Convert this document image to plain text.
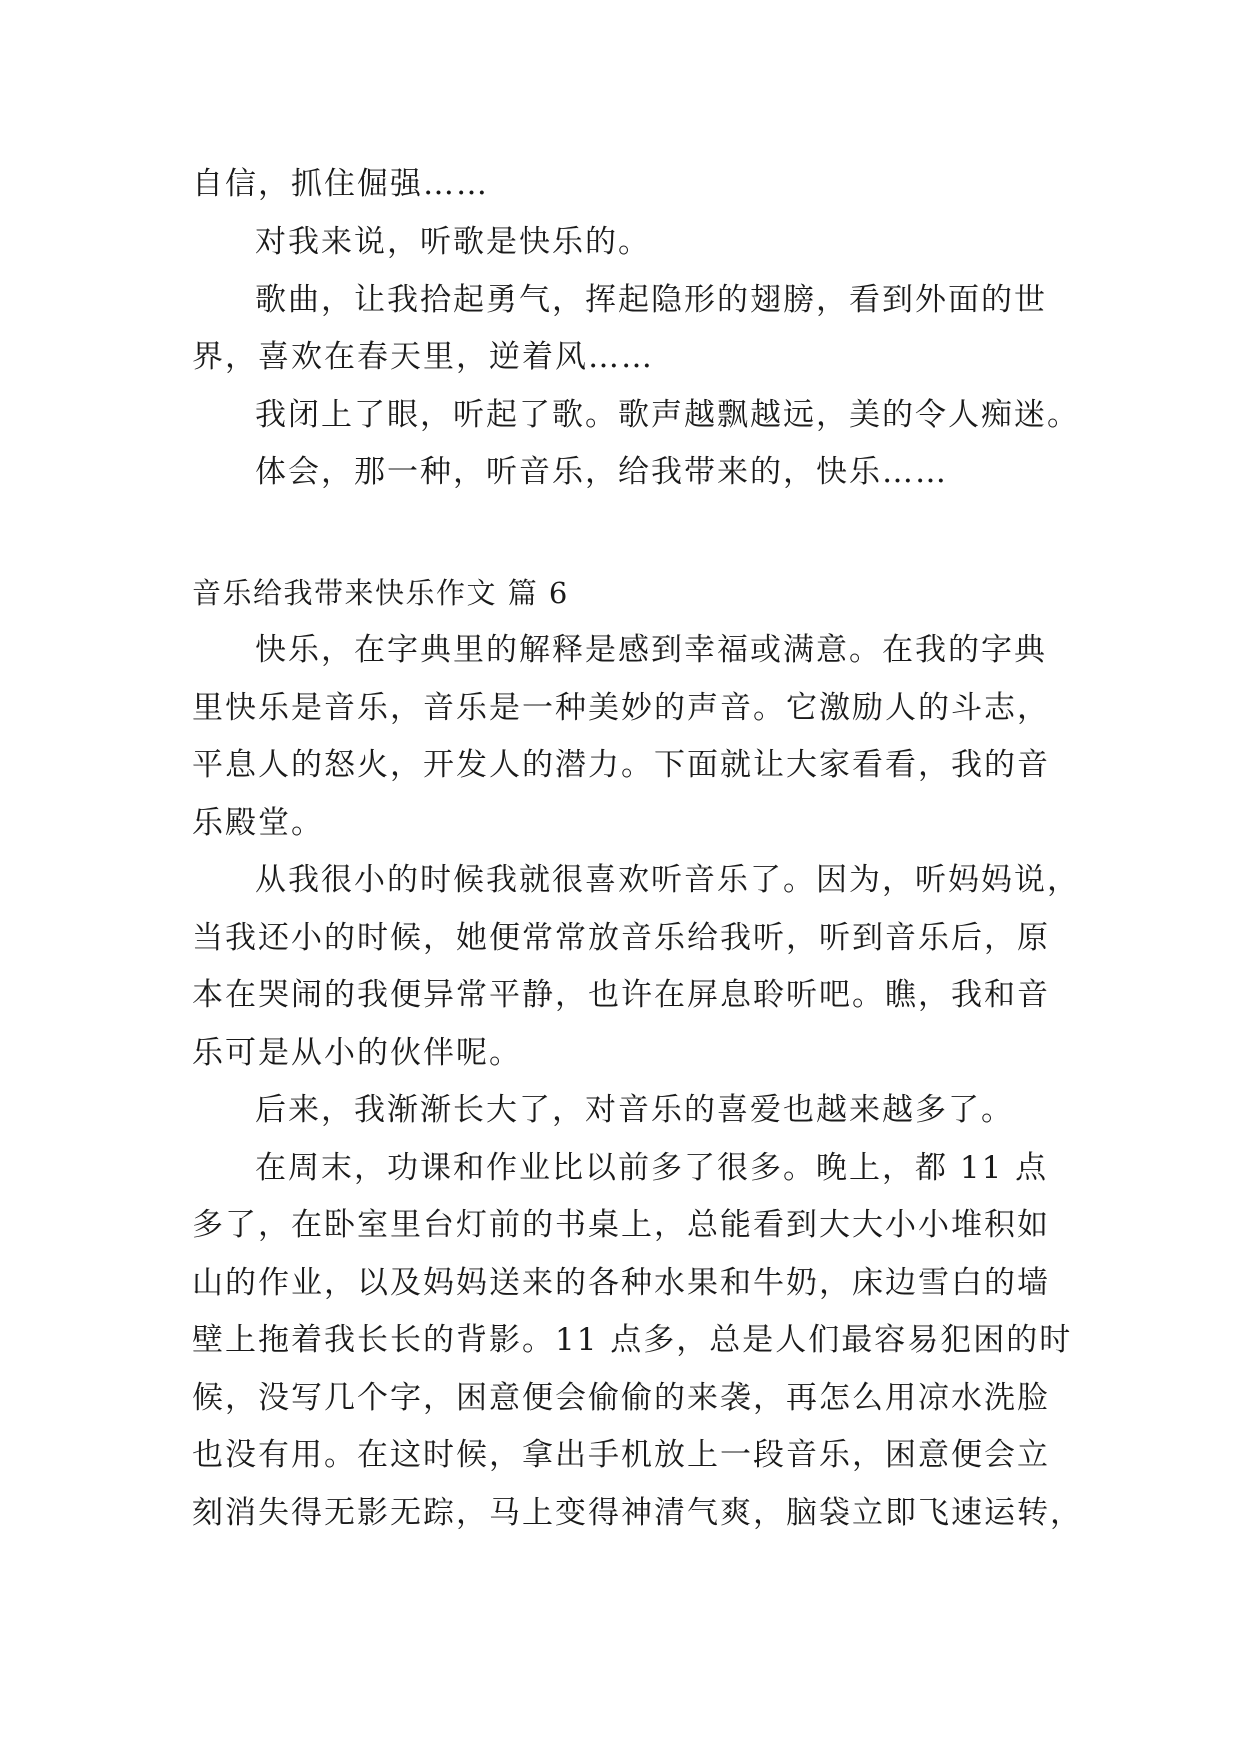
自信，抓住倔强……
对我来说，听歌是快乐的。
歌曲，让我拾起勇气，挥起隐形的翅膀，看到外面的世
界，喜欢在春天里，逆着风……
我闭上了眼，听起了歌。歌声越飘越远，美的令人痴迷。
体会，那一种，听音乐，给我带来的，快乐……
音乐给我带来快乐作文 篇 6
快乐，在字典里的解释是感到幸福或满意。在我的字典
里快乐是音乐，音乐是一种美妙的声音。它激励人的斗志，
平息人的怒火，开发人的潜力。下面就让大家看看，我的音
乐殿堂。
从我很小的时候我就很喜欢听音乐了。因为，听妈妈说，
当我还小的时候，她便常常放音乐给我听，听到音乐后，原
本在哭闹的我便异常平静，也许在屏息聆听吧。瞧，我和音
乐可是从小的伙伴呢。
后来，我渐渐长大了，对音乐的喜爱也越来越多了。
在周末，功课和作业比以前多了很多。晚上，都 11 点
多了，在卧室里台灯前的书桌上，总能看到大大小小堆积如
山的作业，以及妈妈送来的各种水果和牛奶，床边雪白的墙
壁上拖着我长长的背影。11 点多，总是人们最容易犯困的时
候，没写几个字，困意便会偷偷的来袭，再怎么用凉水洗脸
也没有用。在这时候，拿出手机放上一段音乐，困意便会立
刻消失得无影无踪，马上变得神清气爽，脑袋立即飞速运转，
